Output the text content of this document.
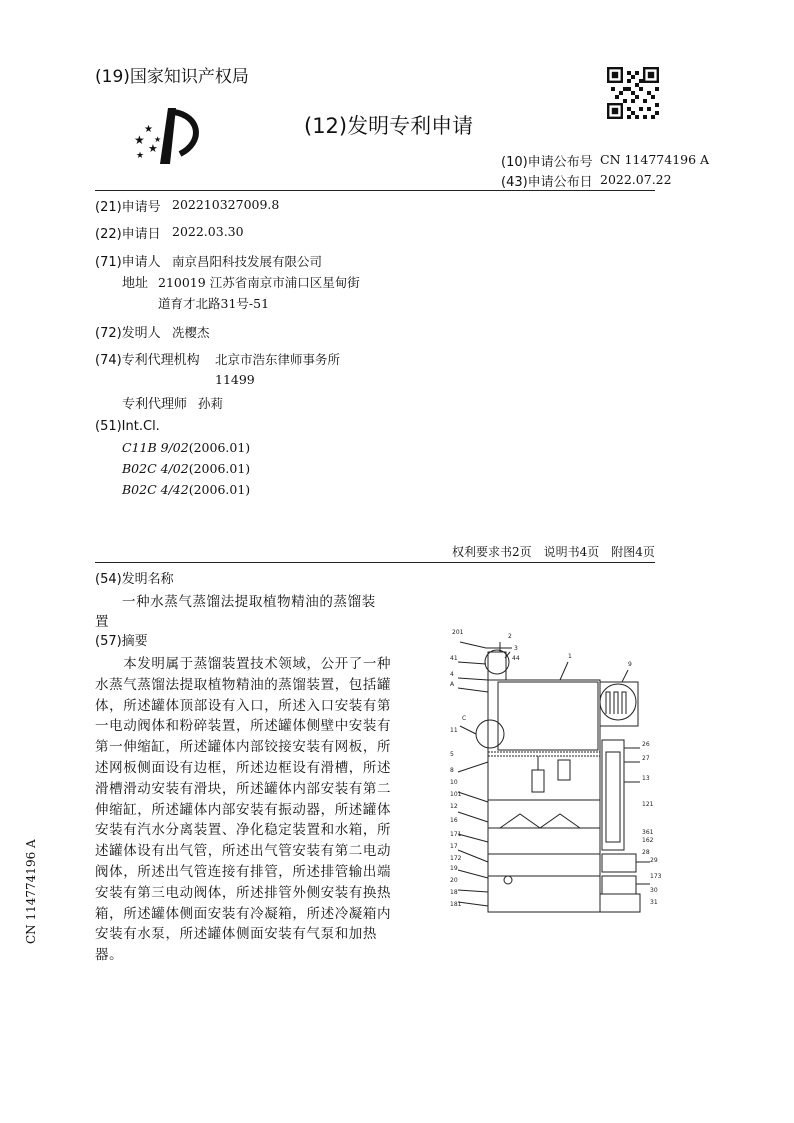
(19)国家知识产权局
★
★
★
★
★
(12)发明专利申请
(10)申请公布号 CN 114774196 A
(43)申请公布日 2022.07.22
(21)申请号 202210327009.8
(22)申请日 2022.03.30
(71)申请人 南京昌阳科技发展有限公司
地址 210019 江苏省南京市浦口区星甸街
道育才北路31号-51
(72)发明人 冼樱杰
(74)专利代理机构 北京市浩东律师事务所
11499
专利代理师 孙莉
(51)Int.Cl.
C11B 9/02(2006.01)
B02C 4/02(2006.01)
B02C 4/42(2006.01)
权利要求书2页　说明书4页　附图4页
(54)发明名称
一种水蒸气蒸馏法提取植物精油的蒸馏装
置
(57)摘要
　　本发明属于蒸馏装置技术领域，公开了一种
水蒸气蒸馏法提取植物精油的蒸馏装置，包括罐
体，所述罐体顶部设有入口，所述入口安装有第
一电动阀体和粉碎装置，所述罐体侧壁中安装有
第一伸缩缸，所述罐体内部铰接安装有网板，所
述网板侧面设有边框，所述边框设有滑槽，所述
滑槽滑动安装有滑块，所述罐体内部安装有第二
伸缩缸，所述罐体内部安装有振动器，所述罐体
安装有汽水分离装置、净化稳定装置和水箱，所
述罐体设有出气管，所述出气管安装有第二电动
阀体，所述出气管连接有排管，所述排管输出端
安装有第三电动阀体，所述排管外侧安装有换热
箱，所述罐体侧面安装有冷凝箱，所述冷凝箱内
安装有水泵，所述罐体侧面安装有气泵和加热
器。
CN 114774196 A
201
2
3
41	44	1
4
A
9
C
11
5
26
27
13
8
10
101
12	121
16
361
162
171
28
17
29
172
19
173
20
18	30
181	31
